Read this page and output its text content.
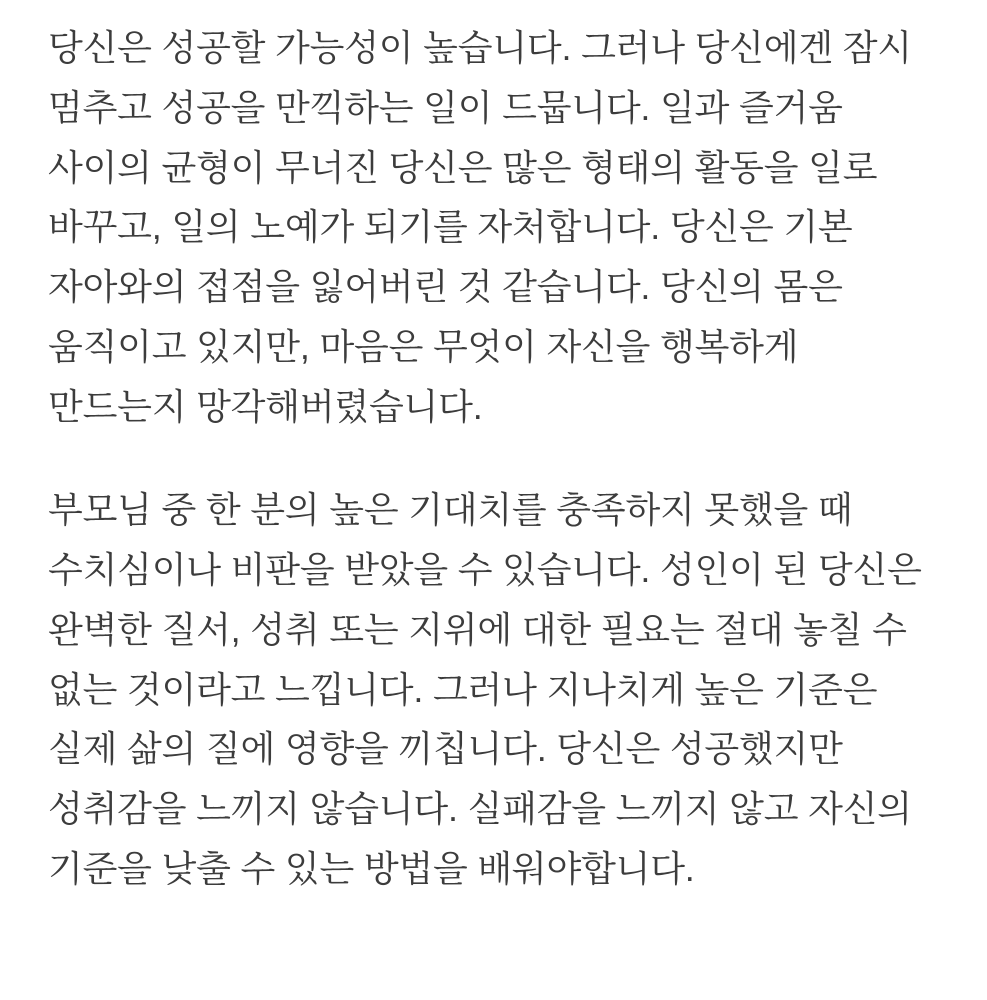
당신은 성공할 가능성이 높습니다. 그러나 당신에겐 잠시 멈추고 성공을 만끽하는 일이 드뭅니다. 일과 즐거움 사이의 균형이 무너진 당신은 많은 형태의 활동을 일로 바꾸고, 일의 노예가 되기를 자처합니다. 당신은 기본 자아와의 접점을 잃어버린 것 같습니다. 당신의 몸은 움직이고 있지만, 마음은 무엇이 자신을 행복하게 만드는지 망각해버렸습니다.

부모님 중 한 분의 높은 기대치를 충족하지 못했을 때 수치심이나 비판을 받았을 수 있습니다. 성인이 된 당신은 완벽한 질서, 성취 또는 지위에 대한 필요는 절대 놓칠 수 없는 것이라고 느낍니다. 그러나 지나치게 높은 기준은 실제 삶의 질에 영향을 끼칩니다. 당신은 성공했지만 성취감을 느끼지 않습니다. 실패감을 느끼지 않고 자신의 기준을 낮출 수 있는 방법을 배워야합니다.
